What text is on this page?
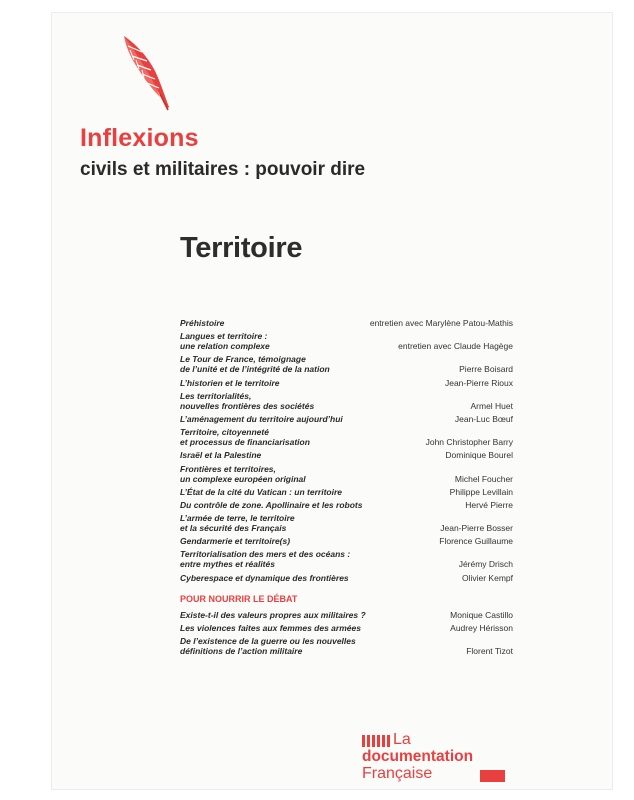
Inflexions
civils et militaires : pouvoir dire
Territoire
Préhistoire	entretien avec Marylène Patou-Mathis
Langues et territoire :
une relation complexe	entretien avec Claude Hagège
Le Tour de France, témoignage
de l’unité et de l’intégrité de la nation	Pierre Boisard
L’historien et le territoire	Jean-Pierre Rioux
Les territorialités,
nouvelles frontières des sociétés	Armel Huet
L’aménagement du territoire aujourd’hui	Jean-Luc Bœuf
Territoire, citoyenneté
et processus de financiarisation	John Christopher Barry
Israël et la Palestine	Dominique Bourel
Frontières et territoires,
un complexe européen original	Michel Foucher
L’État de la cité du Vatican : un territoire	Philippe Levillain
Du contrôle de zone. Apollinaire et les robots	Hervé Pierre
L’armée de terre, le territoire
et la sécurité des Français	Jean-Pierre Bosser
Gendarmerie et territoire(s)	Florence Guillaume
Territorialisation des mers et des océans :
entre mythes et réalités	Jérémy Drisch
Cyberespace et dynamique des frontières	Olivier Kempf
POUR NOURRIR LE DÉBAT
Existe-t-il des valeurs propres aux militaires ?	Monique Castillo
Les violences faites aux femmes des armées	Audrey Hérisson
De l’existence de la guerre ou les nouvelles
définitions de l’action militaire	Florent Tizot
La
documentation
Française
